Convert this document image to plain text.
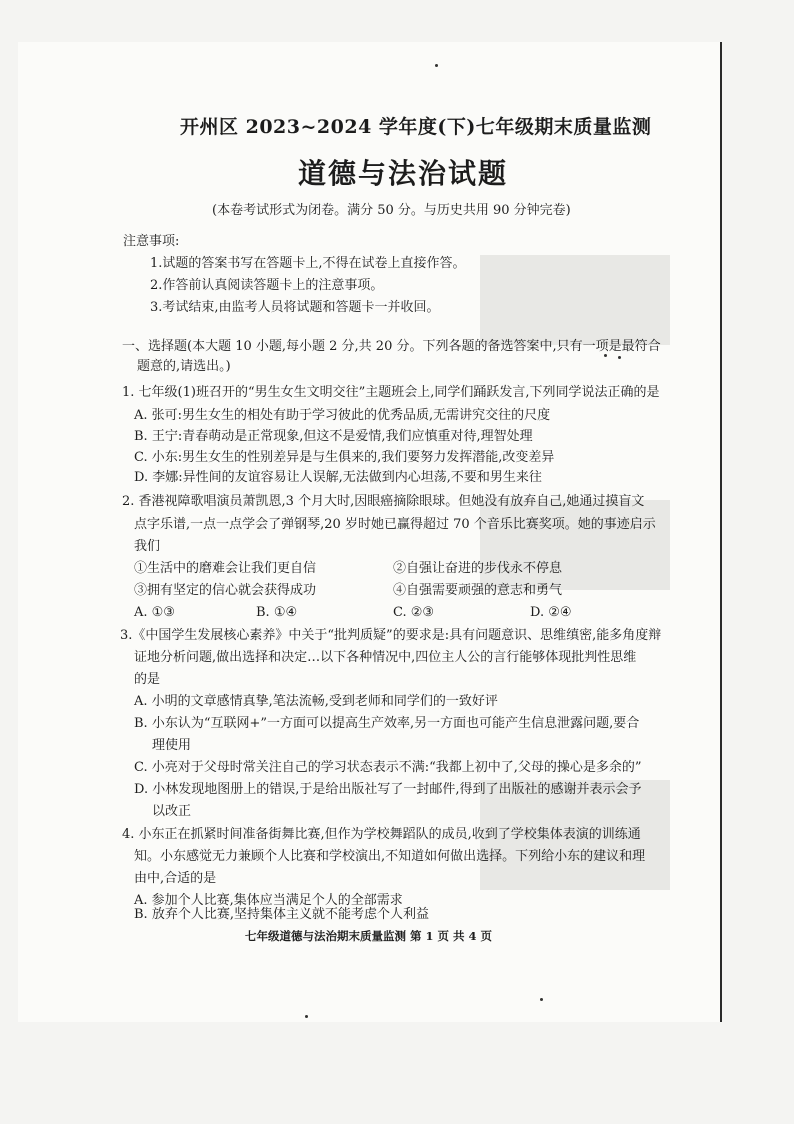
开州区 2023~2024 学年度(下)七年级期末质量监测
道德与法治试题
(本卷考试形式为闭卷。满分 50 分。与历史共用 90 分钟完卷)
注意事项:
1.试题的答案书写在答题卡上,不得在试卷上直接作答。
2.作答前认真阅读答题卡上的注意事项。
3.考试结束,由监考人员将试题和答题卡一并收回。
一、选择题(本大题 10 小题,每小题 2 分,共 20 分。下列各题的备选答案中,只有一项是最符合
题意的,请选出。)
1. 七年级(1)班召开的“男生女生文明交往”主题班会上,同学们踊跃发言,下列同学说法正确的是
A. 张可:男生女生的相处有助于学习彼此的优秀品质,无需讲究交往的尺度
B. 王宁:青春萌动是正常现象,但这不是爱情,我们应慎重对待,理智处理
C. 小东:男生女生的性别差异是与生俱来的,我们要努力发挥潜能,改变差异
D. 李娜:异性间的友谊容易让人误解,无法做到内心坦荡,不要和男生来往
2. 香港视障歌唱演员萧凯恩,3 个月大时,因眼癌摘除眼球。但她没有放弃自己,她通过摸盲文
点字乐谱,一点一点学会了弹钢琴,20 岁时她已赢得超过 70 个音乐比赛奖项。她的事迹启示
我们
①生活中的磨难会让我们更自信	②自强让奋进的步伐永不停息
③拥有坚定的信心就会获得成功	④自强需要顽强的意志和勇气
A. ①③	B. ①④	C. ②③	D. ②④
3.《中国学生发展核心素养》中关于“批判质疑”的要求是:具有问题意识、思维缜密,能多角度辩
证地分析问题,做出选择和决定…以下各种情况中,四位主人公的言行能够体现批判性思维
的是
A. 小明的文章感情真挚,笔法流畅,受到老师和同学们的一致好评
B. 小东认为“互联网+”一方面可以提高生产效率,另一方面也可能产生信息泄露问题,要合
理使用
C. 小亮对于父母时常关注自己的学习状态表示不满:“我都上初中了,父母的操心是多余的”
D. 小林发现地图册上的错误,于是给出版社写了一封邮件,得到了出版社的感谢并表示会予
以改正
4. 小东正在抓紧时间准备街舞比赛,但作为学校舞蹈队的成员,收到了学校集体表演的训练通
知。小东感觉无力兼顾个人比赛和学校演出,不知道如何做出选择。下列给小东的建议和理
由中,合适的是
A. 参加个人比赛,集体应当满足个人的全部需求
B. 放弃个人比赛,坚持集体主义就不能考虑个人利益
七年级道德与法治期末质量监测 第 1 页 共 4 页
